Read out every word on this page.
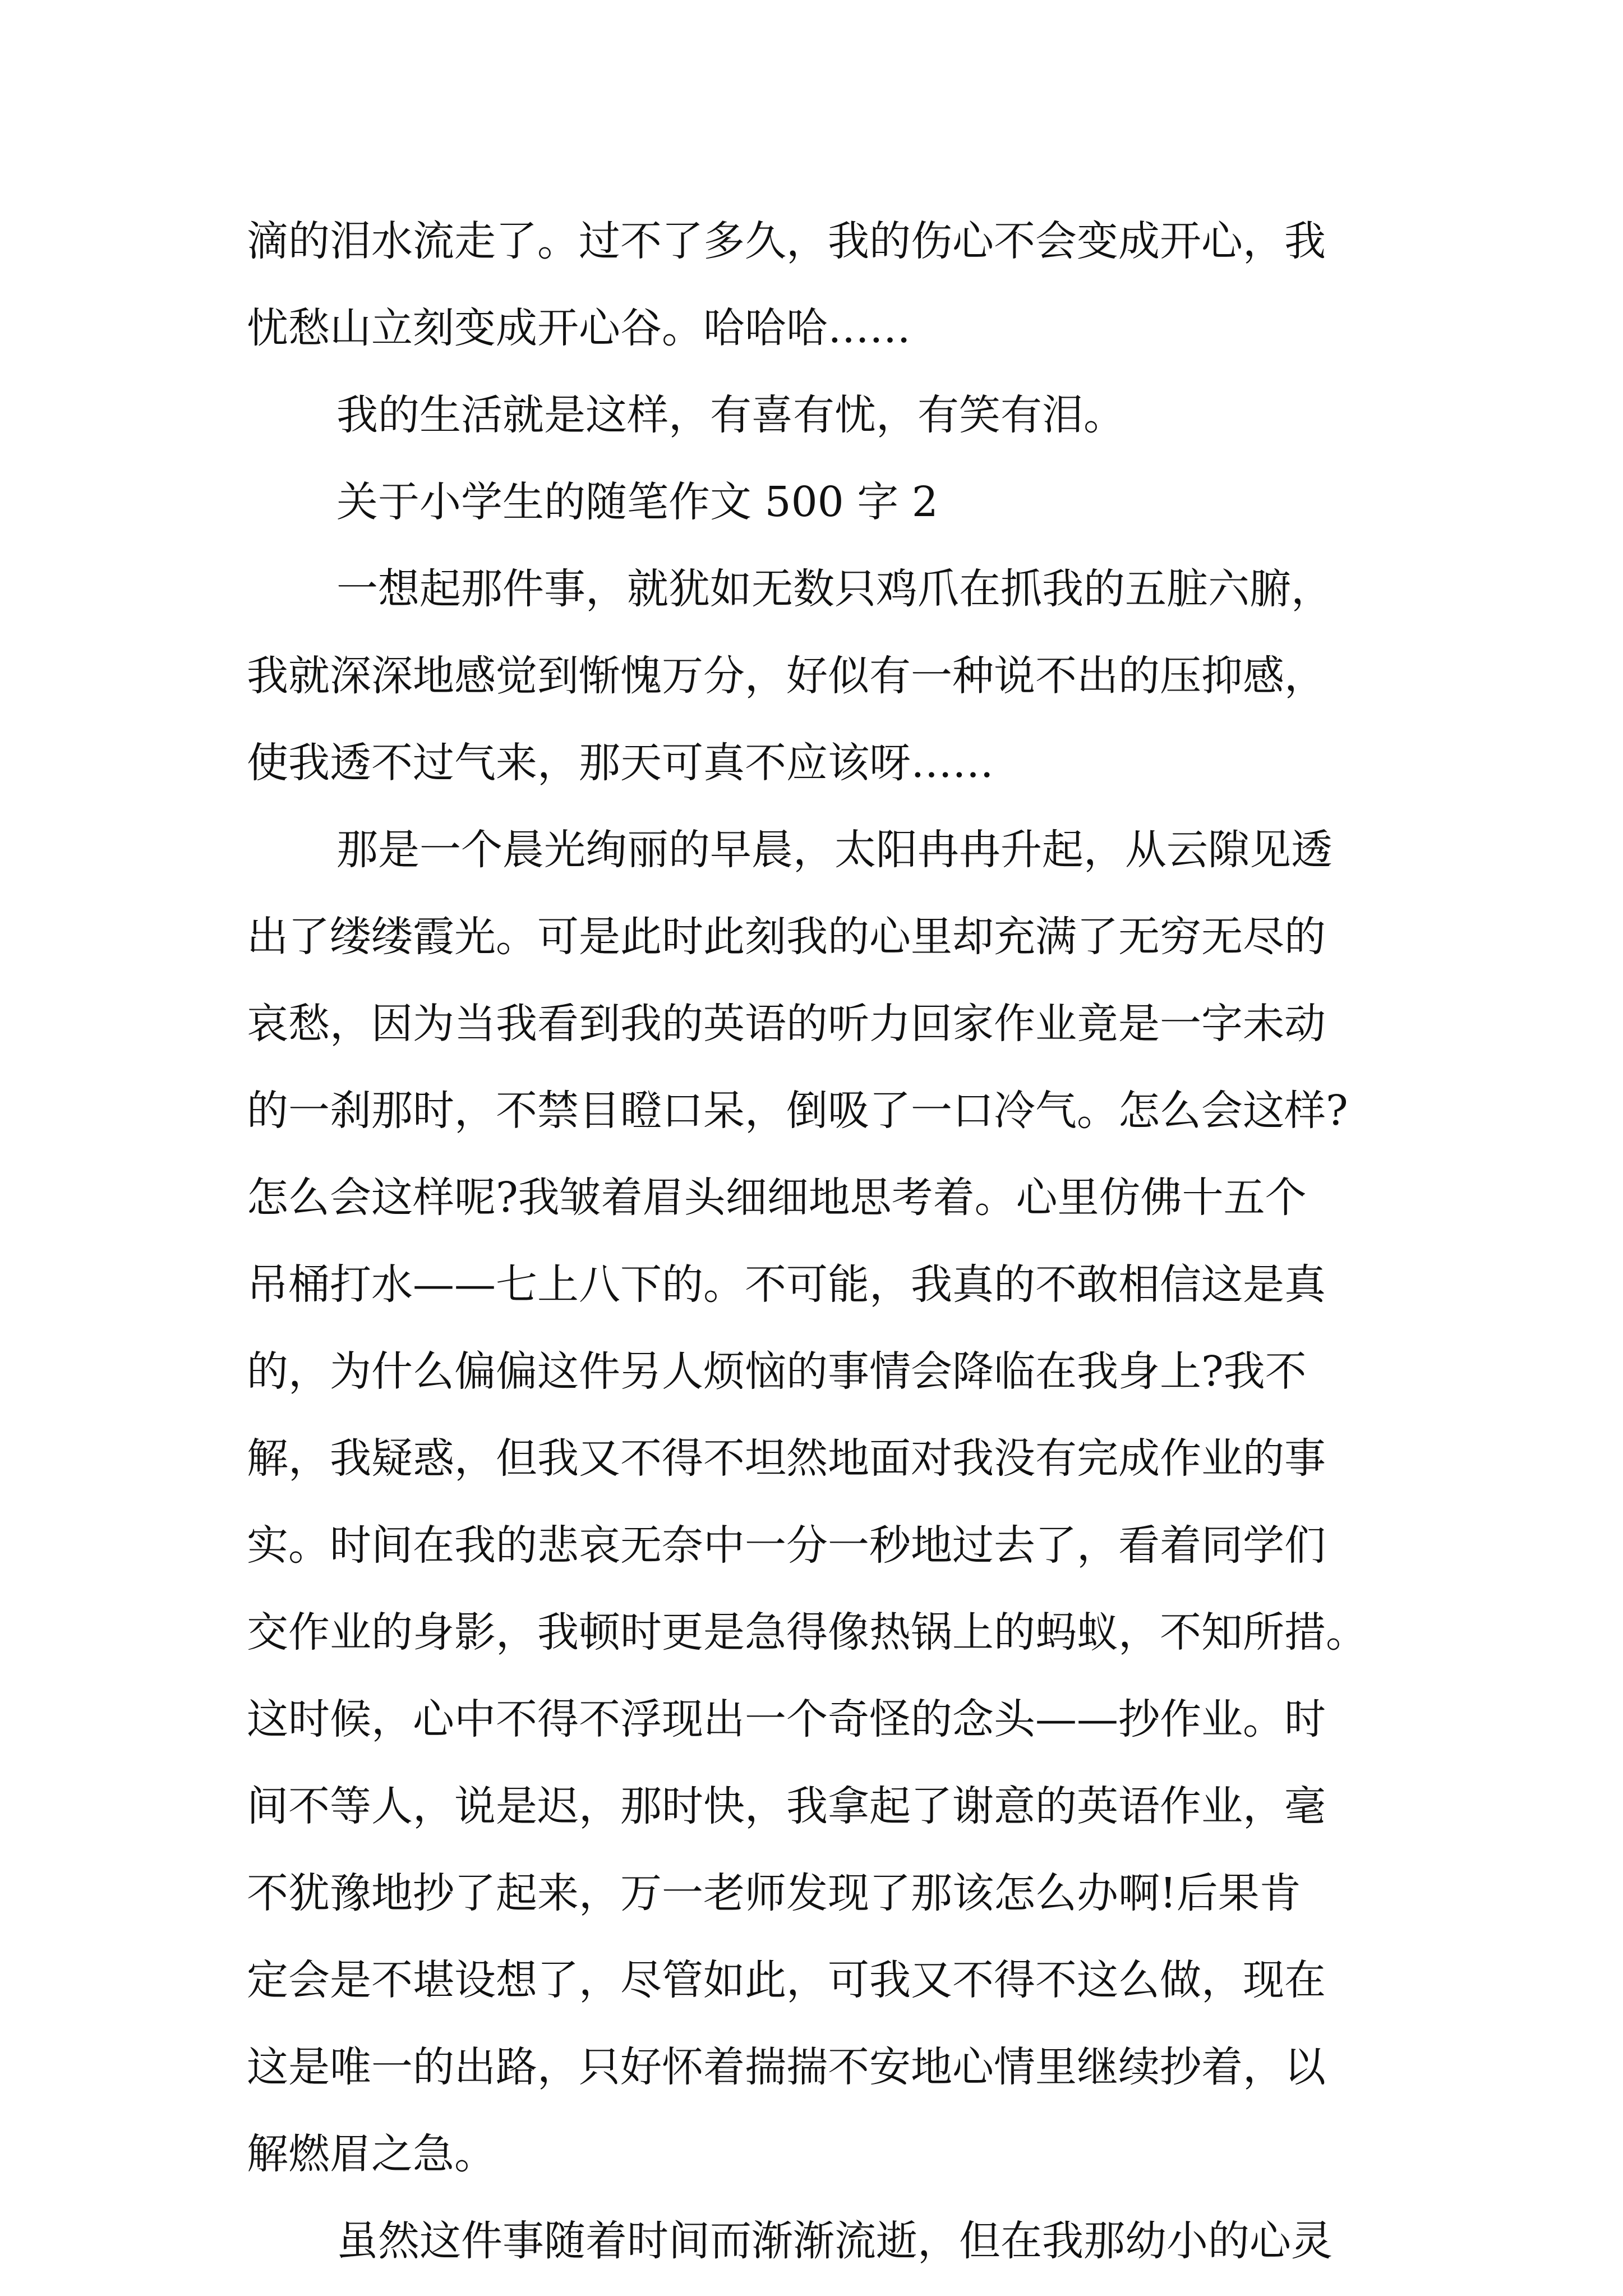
滴的泪水流走了。过不了多久，我的伤心不会变成开心，我
忧愁山立刻变成开心谷。哈哈哈……
我的生活就是这样，有喜有忧，有笑有泪。
关于小学生的随笔作文 500 字 2
一想起那件事，就犹如无数只鸡爪在抓我的五脏六腑，
我就深深地感觉到惭愧万分，好似有一种说不出的压抑感，
使我透不过气来，那天可真不应该呀……
那是一个晨光绚丽的早晨，太阳冉冉升起，从云隙见透
出了缕缕霞光。可是此时此刻我的心里却充满了无穷无尽的
哀愁，因为当我看到我的英语的听力回家作业竟是一字未动
的一刹那时，不禁目瞪口呆，倒吸了一口冷气。怎么会这样?
怎么会这样呢?我皱着眉头细细地思考着。心里仿佛十五个
吊桶打水——七上八下的。不可能，我真的不敢相信这是真
的，为什么偏偏这件另人烦恼的事情会降临在我身上?我不
解，我疑惑，但我又不得不坦然地面对我没有完成作业的事
实。时间在我的悲哀无奈中一分一秒地过去了，看着同学们
交作业的身影，我顿时更是急得像热锅上的蚂蚁，不知所措。
这时候，心中不得不浮现出一个奇怪的念头——抄作业。时
间不等人，说是迟，那时快，我拿起了谢意的英语作业，毫
不犹豫地抄了起来，万一老师发现了那该怎么办啊!后果肯
定会是不堪设想了，尽管如此，可我又不得不这么做，现在
这是唯一的出路，只好怀着揣揣不安地心情里继续抄着，以
解燃眉之急。
虽然这件事随着时间而渐渐流逝，但在我那幼小的心灵
